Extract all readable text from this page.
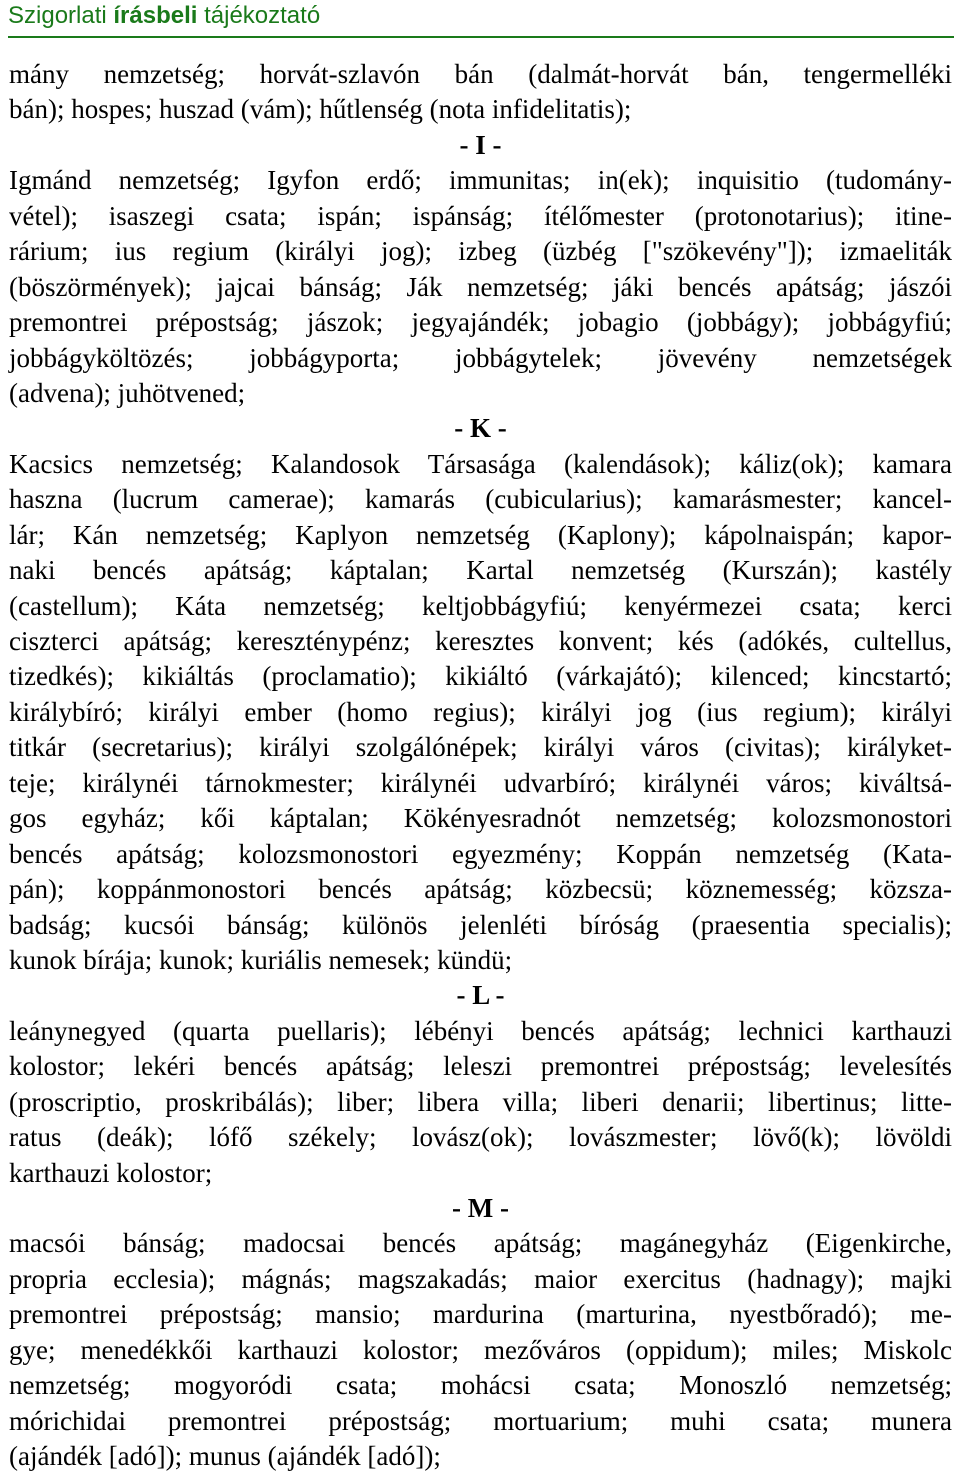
Szigorlati írásbeli tájékoztató
mány nemzetség; horvát-szlavón bán (dalmát-horvát bán, tengermelléki
bán); hospes; huszad (vám); hűtlenség (nota infidelitatis);
- I -
Igmánd nemzetség; Igyfon erdő; immunitas; in(ek); inquisitio (tudomány-
vétel); isaszegi csata; ispán; ispánság; ítélőmester (protonotarius); itine-
rárium; ius regium (királyi jog); izbeg (üzbég ["szökevény"]); izmaeliták
(böszörmények); jajcai bánság; Ják nemzetség; jáki bencés apátság; jászói
premontrei prépostság; jászok; jegyajándék; jobagio (jobbágy); jobbágyfiú;
jobbágyköltözés; jobbágyporta; jobbágytelek; jövevény nemzetségek
(advena); juhötvened;
- K -
Kacsics nemzetség; Kalandosok Társasága (kalendások); káliz(ok); kamara
haszna (lucrum camerae); kamarás (cubicularius); kamarásmester; kancel-
lár; Kán nemzetség; Kaplyon nemzetség (Kaplony); kápolnaispán; kapor-
naki bencés apátság; káptalan; Kartal nemzetség (Kurszán); kastély
(castellum); Káta nemzetség; keltjobbágyfiú; kenyérmezei csata; kerci
ciszterci apátság; kereszténypénz; keresztes konvent; kés (adókés, cultellus,
tizedkés); kikiáltás (proclamatio); kikiáltó (várkajátó); kilenced; kincstartó;
királybíró; királyi ember (homo regius); királyi jog (ius regium); királyi
titkár (secretarius); királyi szolgálónépek; királyi város (civitas); királyket-
teje; királynéi tárnokmester; királynéi udvarbíró; királynéi város; kiváltsá-
gos egyház; kői káptalan; Kökényesradnót nemzetség; kolozsmonostori
bencés apátság; kolozsmonostori egyezmény; Koppán nemzetség (Kata-
pán); koppánmonostori bencés apátság; közbecsü; köznemesség; közsza-
badság; kucsói bánság; különös jelenléti bíróság (praesentia specialis);
kunok bírája; kunok; kuriális nemesek; kündü;
- L -
leánynegyed (quarta puellaris); lébényi bencés apátság; lechnici karthauzi
kolostor; lekéri bencés apátság; leleszi premontrei prépostság; levelesítés
(proscriptio, proskribálás); liber; libera villa; liberi denarii; libertinus; litte-
ratus (deák); lófő székely; lovász(ok); lovászmester; lövő(k); lövöldi
karthauzi kolostor;
- M -
macsói bánság; madocsai bencés apátság; magánegyház (Eigenkirche,
propria ecclesia); mágnás; magszakadás; maior exercitus (hadnagy); majki
premontrei prépostság; mansio; mardurina (marturina, nyestbőradó); me-
gye; menedékkői karthauzi kolostor; mezőváros (oppidum); miles; Miskolc
nemzetség; mogyoródi csata; mohácsi csata; Monoszló nemzetség;
mórichidai premontrei prépostság; mortuarium; muhi csata; munera
(ajándék [adó]); munus (ajándék [adó]);
